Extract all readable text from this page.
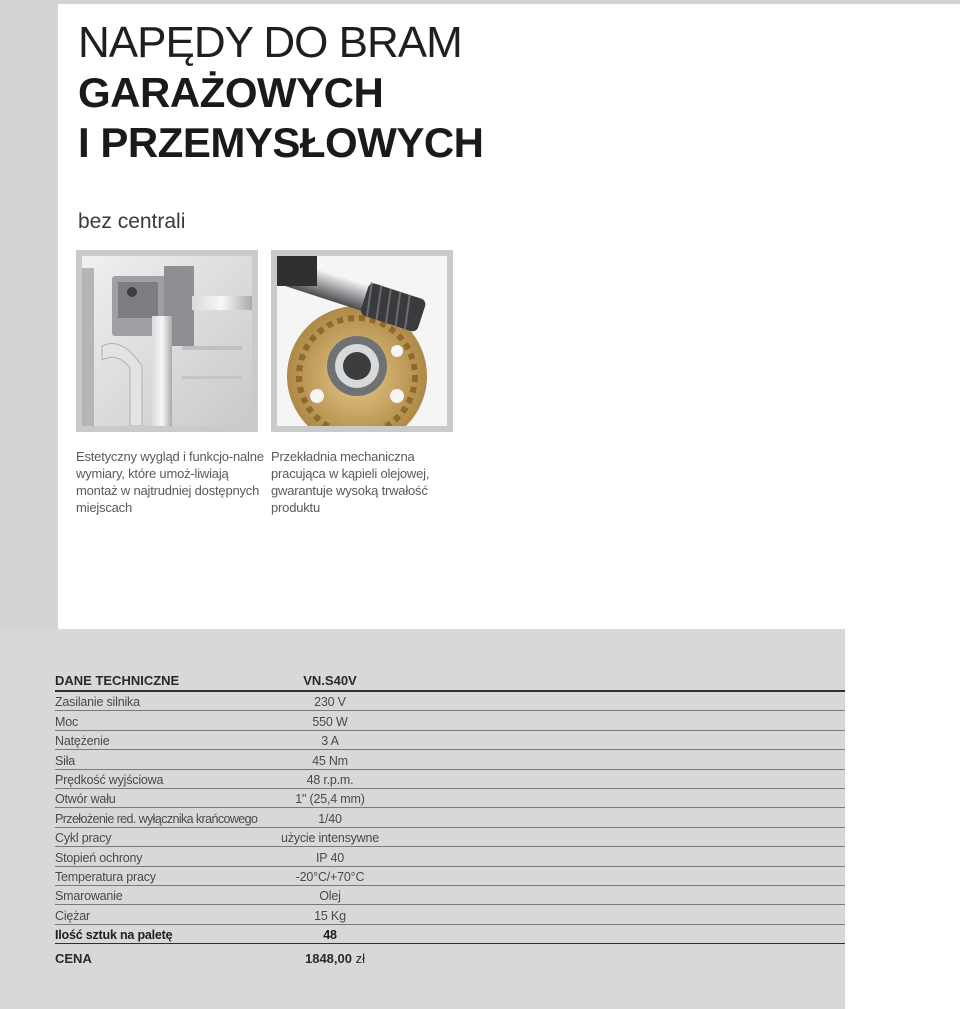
NAPĘDY DO BRAM
GARAŻOWYCH
I PRZEMYSŁOWYCH
bez centrali
Estetyczny wygląd i funkcjo-nalne wymiary, które umoż-liwiają montaż w najtrudniej dostępnych miejscach
Przekładnia mechaniczna pracująca w kąpieli olejowej, gwarantuje wysoką trwałość produktu
DANE TECHNICZNE	VN.S40V
Zasilanie silnika	230 V
Moc	550 W
Natężenie	3 A
Siła	45 Nm
Prędkość wyjściowa	48 r.p.m.
Otwór wału	1" (25,4 mm)
Przełożenie red. wyłącznika krańcowego	1/40
Cykl pracy	użycie intensywne
Stopień ochrony	IP 40
Temperatura pracy	-20°C/+70°C
Smarowanie	Olej
Ciężar	15 Kg
Ilość sztuk na paletę	48
CENA	1848,00 zł
